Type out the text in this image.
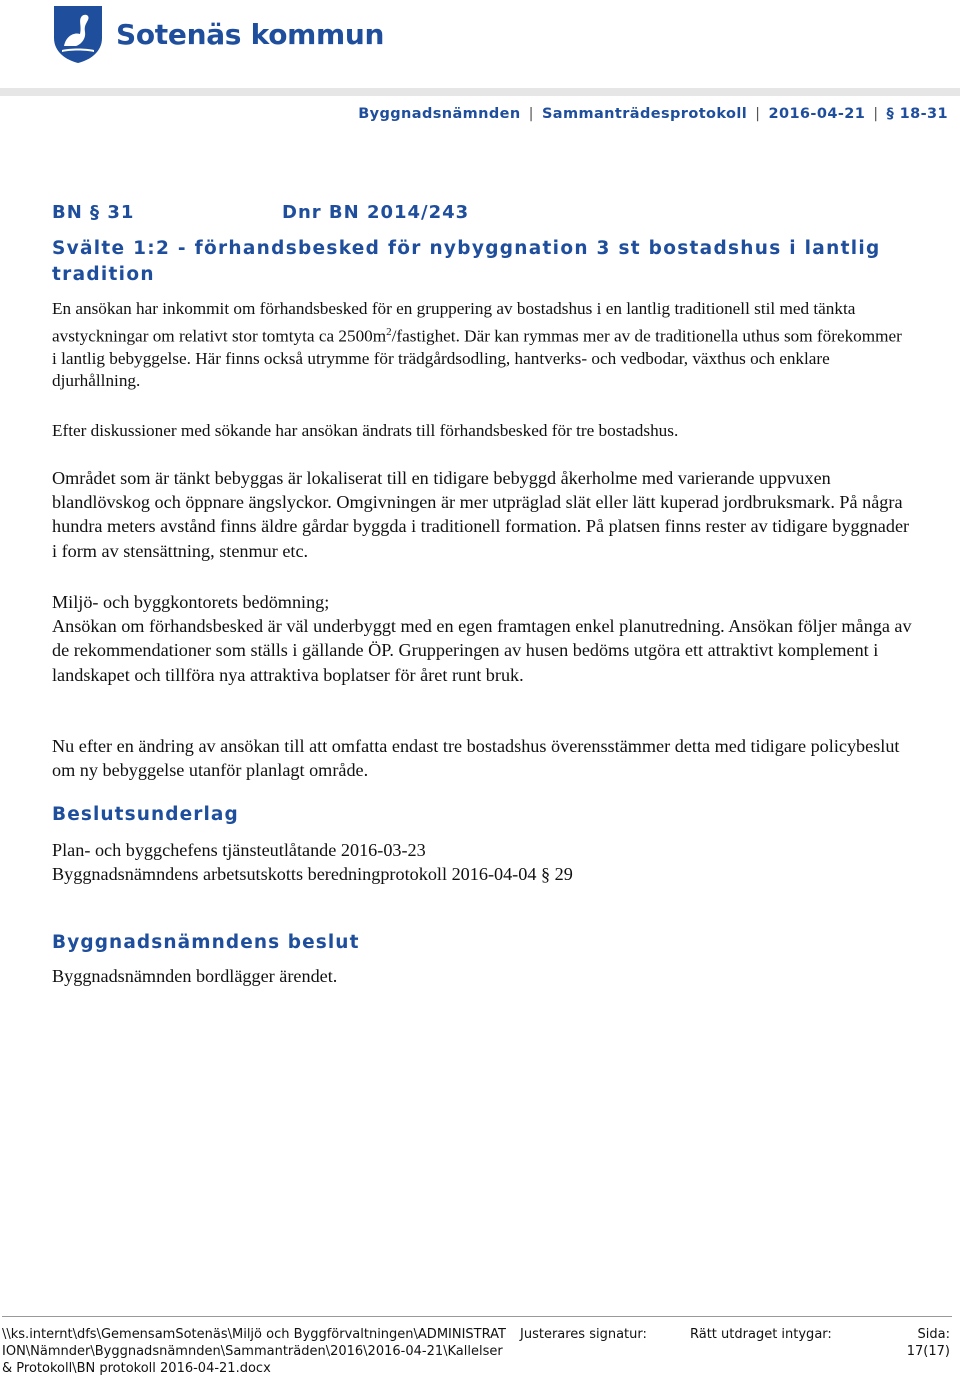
Sotenäs kommun
Byggnadsnämnden | Sammanträdesprotokoll | 2016-04-21 | § 18-31
BN § 31	Dnr BN 2014/243
Svälte 1:2 - förhandsbesked för nybyggnation 3 st bostadshus i lantlig tradition

En ansökan har inkommit om förhandsbesked för en gruppering av bostadshus i en lantlig traditionell stil med tänkta avstyckningar om relativt stor tomtyta ca $2500m^2$/fastighet. Där kan rymmas mer av de traditionella uthus som förekommer i lantlig bebyggelse. Här finns också utrymme för trädgårdsodling, hantverks- och vedbodar, växthus och enklare djurhållning.

Efter diskussioner med sökande har ansökan ändrats till förhandsbesked för tre bostadshus.

Området som är tänkt bebyggas är lokaliserat till en tidigare bebyggd åkerholme med varierande uppvuxen blandlövskog och öppnare ängslyckor. Omgivningen är mer utpräglad slät eller lätt kuperad jordbruksmark. På några hundra meters avstånd finns äldre gårdar byggda i traditionell formation. På platsen finns rester av tidigare byggnader i form av stensättning, stenmur etc.

Miljö- och byggkontorets bedömning;
Ansökan om förhandsbesked är väl underbyggt med en egen framtagen enkel planutredning. Ansökan följer många av de rekommendationer som ställs i gällande ÖP. Grupperingen av husen bedöms utgöra ett attraktivt komplement i landskapet och tillföra nya attraktiva boplatser för året runt bruk.

Nu efter en ändring av ansökan till att omfatta endast tre bostadshus överensstämmer detta med tidigare policybeslut om ny bebyggelse utanför planlagt område.

Beslutsunderlag
Plan- och byggchefens tjänsteutlåtande 2016-03-23
Byggnadsnämndens arbetsutskotts beredningprotokoll 2016-04-04 § 29
Byggnadsnämndens beslut

Byggnadsnämnden bordlägger ärendet.

\\ks.internt\dfs\GemensamSotenäs\Miljö och Byggförvaltningen\ADMINISTRATION\Nämnder\Byggnadsnämnden\Sammanträden\2016\2016-04-21\Kallelser & Protokoll\BN protokoll 2016-04-21.docx
Justerares signatur:	Rätt utdraget intygar:	Sida:
17(17)
